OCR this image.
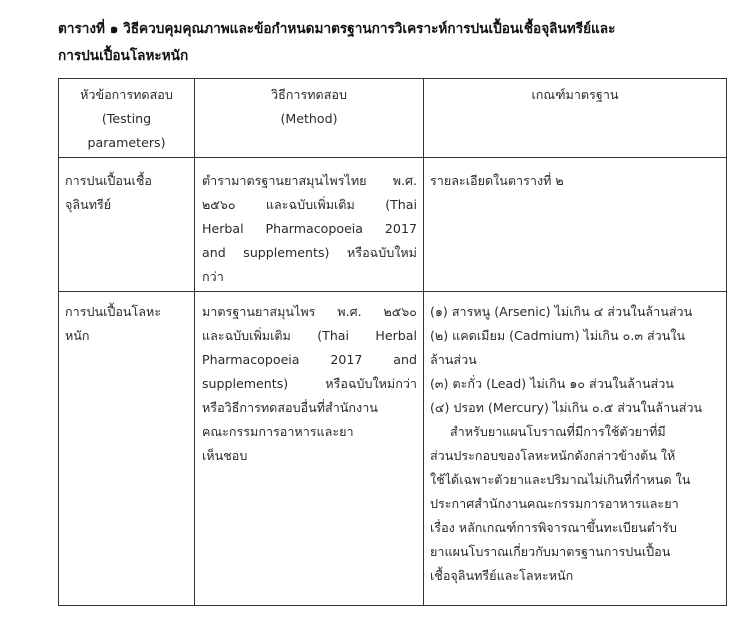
ตารางที่ ๑ วิธีควบคุมคุณภาพและข้อกำหนดมาตรฐานการวิเคราะห์การปนเปื้อนเชื้อจุลินทรีย์และ
การปนเปื้อนโลหะหนัก
หัวข้อการทดสอบ
(Testing
parameters)
วิธีการทดสอบ
(Method)
เกณฑ์มาตรฐาน
การปนเปื้อนเชื้อ
จุลินทรีย์
ตำรามาตรฐานยาสมุนไพรไทย พ.ศ.
๒๕๖๐ และฉบับเพิ่มเติม (Thai
Herbal Pharmacopoeia 2017
and supplements) หรือฉบับใหม่
กว่า
รายละเอียดในตารางที่ ๒
การปนเปื้อนโลหะ
หนัก
มาตรฐานยาสมุนไพร พ.ศ. ๒๕๖๐
และฉบับเพิ่มเติม (Thai Herbal
Pharmacopoeia 2017 and
supplements)	หรือฉบับใหม่กว่า
หรือวิธีการทดสอบอื่นที่สำนักงาน
คณะกรรมการอาหารและยา
เห็นชอบ
(๑) สารหนู (Arsenic) ไม่เกิน ๔ ส่วนในล้านส่วน
(๒) แคดเมียม (Cadmium) ไม่เกิน ๐.๓ ส่วนใน
ล้านส่วน
(๓) ตะกั่ว (Lead) ไม่เกิน ๑๐ ส่วนในล้านส่วน
(๔) ปรอท (Mercury) ไม่เกิน ๐.๕ ส่วนในล้านส่วน
สำหรับยาแผนโบราณที่มีการใช้ตัวยาที่มี
ส่วนประกอบของโลหะหนักดังกล่าวข้างต้น ให้
ใช้ได้เฉพาะตัวยาและปริมาณไม่เกินที่กำหนด ใน
ประกาศสำนักงานคณะกรรมการอาหารและยา
เรื่อง หลักเกณฑ์การพิจารณาขึ้นทะเบียนตำรับ
ยาแผนโบราณเกี่ยวกับมาตรฐานการปนเปื้อน
เชื้อจุลินทรีย์และโลหะหนัก
